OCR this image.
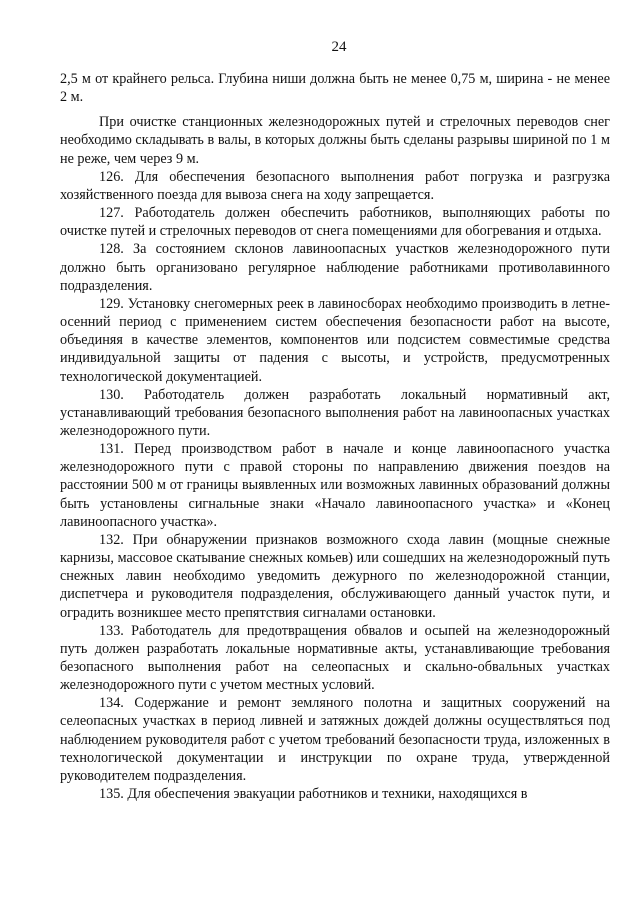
24

2,5 м от крайнего рельса. Глубина ниши должна быть не менее 0,75 м, ширина - не менее 2 м.

При очистке станционных железнодорожных путей и стрелочных переводов снег необходимо складывать в валы, в которых должны быть сделаны разрывы шириной по 1 м не реже, чем через 9 м.

126. Для обеспечения безопасного выполнения работ погрузка и разгрузка хозяйственного поезда для вывоза снега на ходу запрещается.

127. Работодатель должен обеспечить работников, выполняющих работы по очистке путей и стрелочных переводов от снега помещениями для обогревания и отдыха.

128. За состоянием склонов лавиноопасных участков железнодорожного пути должно быть организовано регулярное наблюдение работниками противолавинного подразделения.

129. Установку снегомерных реек в лавиносборах необходимо производить в летне-осенний период с применением систем обеспечения безопасности работ на высоте, объединяя в качестве элементов, компонентов или подсистем совместимые средства индивидуальной защиты от падения с высоты, и устройств, предусмотренных технологической документацией.

130. Работодатель должен разработать локальный нормативный акт, устанавливающий требования безопасного выполнения работ на лавиноопасных участках железнодорожного пути.

131. Перед производством работ в начале и конце лавиноопасного участка железнодорожного пути с правой стороны по направлению движения поездов на расстоянии 500 м от границы выявленных или возможных лавинных образований должны быть установлены сигнальные знаки «Начало лавиноопасного участка» и «Конец лавиноопасного участка».

132. При обнаружении признаков возможного схода лавин (мощные снежные карнизы, массовое скатывание снежных комьев) или сошедших на железнодорожный путь снежных лавин необходимо уведомить дежурного по железнодорожной станции, диспетчера и руководителя подразделения, обслуживающего данный участок пути, и оградить возникшее место препятствия сигналами остановки.

133. Работодатель для предотвращения обвалов и осыпей на железнодорожный путь должен разработать локальные нормативные акты, устанавливающие требования безопасного выполнения работ на селеопасных и скально-обвальных участках железнодорожного пути с учетом местных условий.

134. Содержание и ремонт земляного полотна и защитных сооружений на селеопасных участках в период ливней и затяжных дождей должны осуществляться под наблюдением руководителя работ с учетом требований безопасности труда, изложенных в технологической документации и инструкции по охране труда, утвержденной руководителем подразделения.

135. Для обеспечения эвакуации работников и техники, находящихся в
